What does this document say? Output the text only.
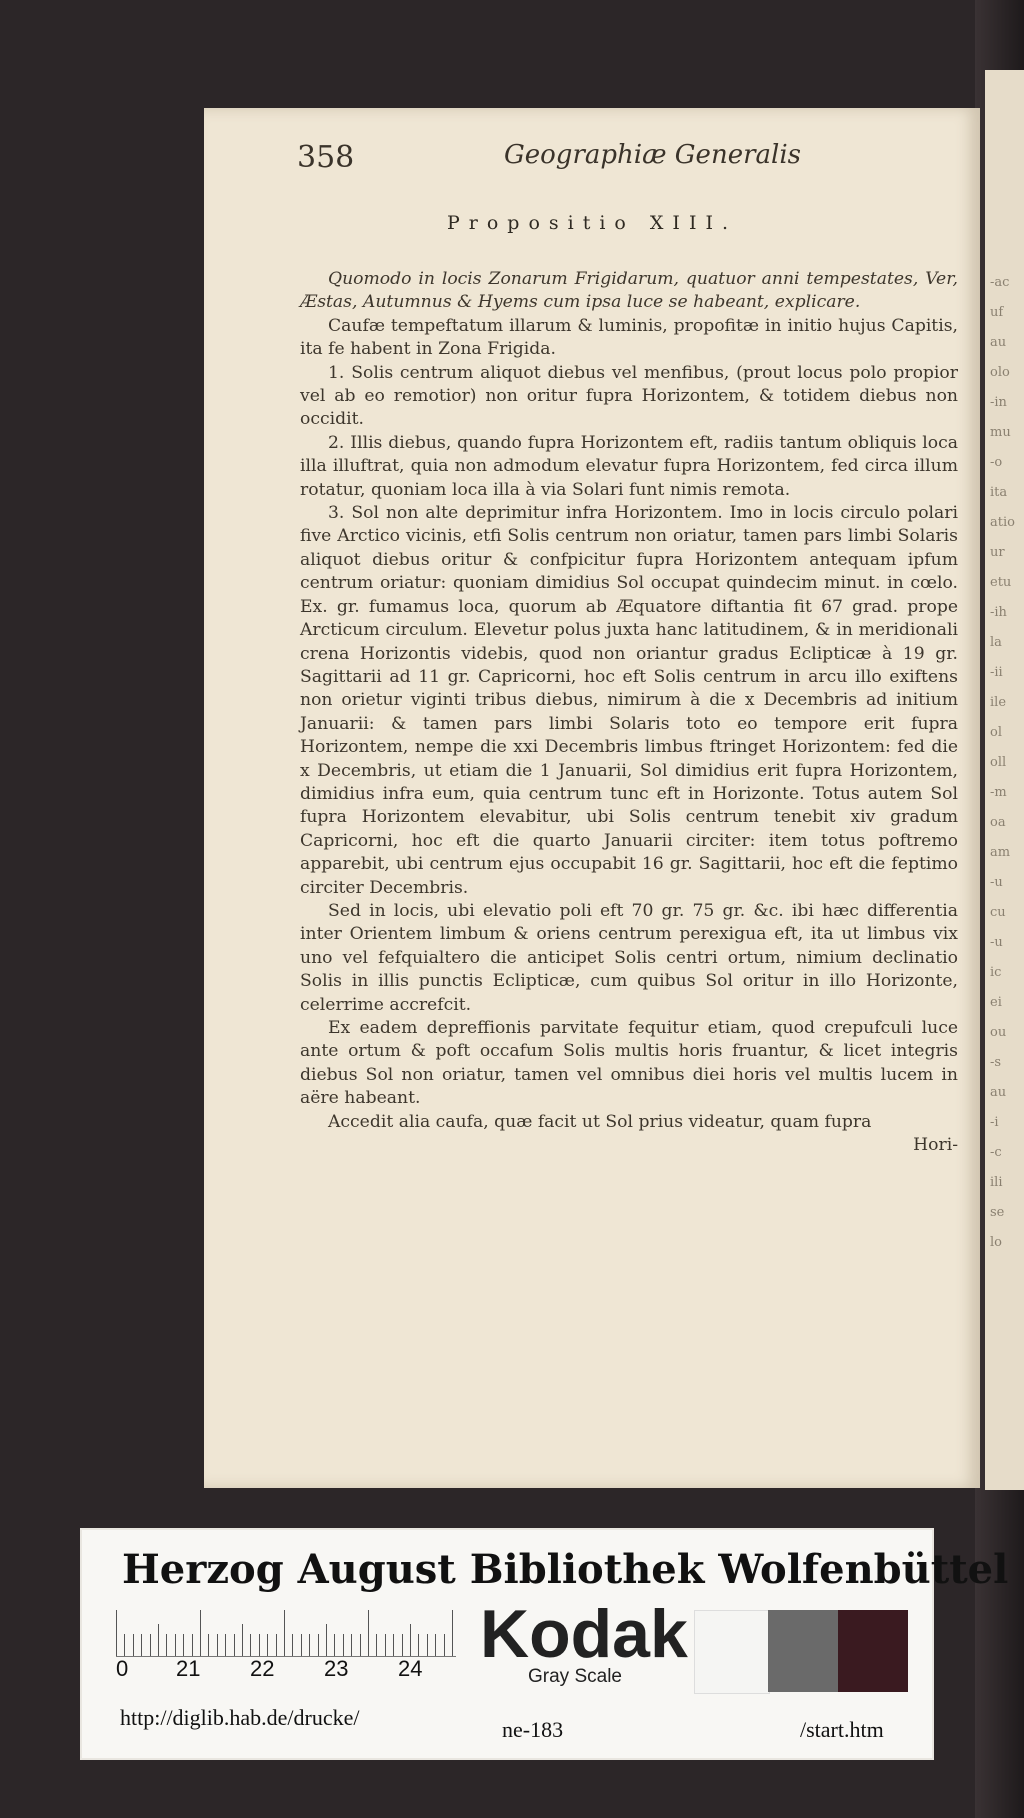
-ac
uf
au
olo
-in
mu
-o
ita
atio
ur
etu
-ih
la
-ii
ile
ol
oll
-m
oa
am
-u
cu
-u
ic
ei
ou
-s
au
-i
-c
ili
se
lo
358	Geographiæ Generalis
Propositio XIII.

Quomodo in locis Zonarum Frigidarum, quatuor anni tempestates, Ver, Æstas, Autumnus & Hyems cum ipsa luce se habeant, explicare.

Caufæ tempeftatum illarum & luminis, propofitæ in initio hujus Capitis, ita fe habent in Zona Frigida.

1. Solis centrum aliquot diebus vel menfibus, (prout locus polo propior vel ab eo remotior) non oritur fupra Horizontem, & totidem diebus non occidit.

2. Illis diebus, quando fupra Horizontem eft, radiis tantum obliquis loca illa illuftrat, quia non admodum elevatur fupra Horizontem, fed circa illum rotatur, quoniam loca illa à via Solari funt nimis remota.

3. Sol non alte deprimitur infra Horizontem. Imo in locis circulo polari five Arctico vicinis, etfi Solis centrum non oriatur, tamen pars limbi Solaris aliquot diebus oritur & confpicitur fupra Horizontem antequam ipfum centrum oriatur: quoniam dimidius Sol occupat quindecim minut. in cœlo. Ex. gr. fumamus loca, quorum ab Æquatore diftantia fit 67 grad. prope Arcticum circulum. Elevetur polus juxta hanc latitudinem, & in meridionali crena Horizontis videbis, quod non oriantur gradus Eclipticæ à 19 gr. Sagittarii ad 11 gr. Capricorni, hoc eft Solis centrum in arcu illo exiftens non orietur viginti tribus diebus, nimirum à die x Decembris ad initium Januarii: & tamen pars limbi Solaris toto eo tempore erit fupra Horizontem, nempe die xxi Decembris limbus ftringet Horizontem: fed die x Decembris, ut etiam die 1 Januarii, Sol dimidius erit fupra Horizontem, dimidius infra eum, quia centrum tunc eft in Horizonte. Totus autem Sol fupra Horizontem elevabitur, ubi Solis centrum tenebit xiv gradum Capricorni, hoc eft die quarto Januarii circiter: item totus poftremo apparebit, ubi centrum ejus occupabit 16 gr. Sagittarii, hoc eft die feptimo circiter Decembris.

Sed in locis, ubi elevatio poli eft 70 gr. 75 gr. &c. ibi hæc differentia inter Orientem limbum & oriens centrum perexigua eft, ita ut limbus vix uno vel fefquialtero die anticipet Solis centri ortum, nimium declinatio Solis in illis punctis Eclipticæ, cum quibus Sol oritur in illo Horizonte, celerrime accrefcit.

Ex eadem depreffionis parvitate fequitur etiam, quod crepufculi luce ante ortum & poft occafum Solis multis horis fruantur, & licet integris diebus Sol non oriatur, tamen vel omnibus diei horis vel multis lucem in aëre habeant.

Accedit alia caufa, quæ facit ut Sol prius videatur, quam fupra

Hori-

Herzog August Bibliothek Wolfenbüttel
0 21 22 23 24 Kodak
Gray Scale
http://diglib.hab.de/drucke/	ne-183	/start.htm
